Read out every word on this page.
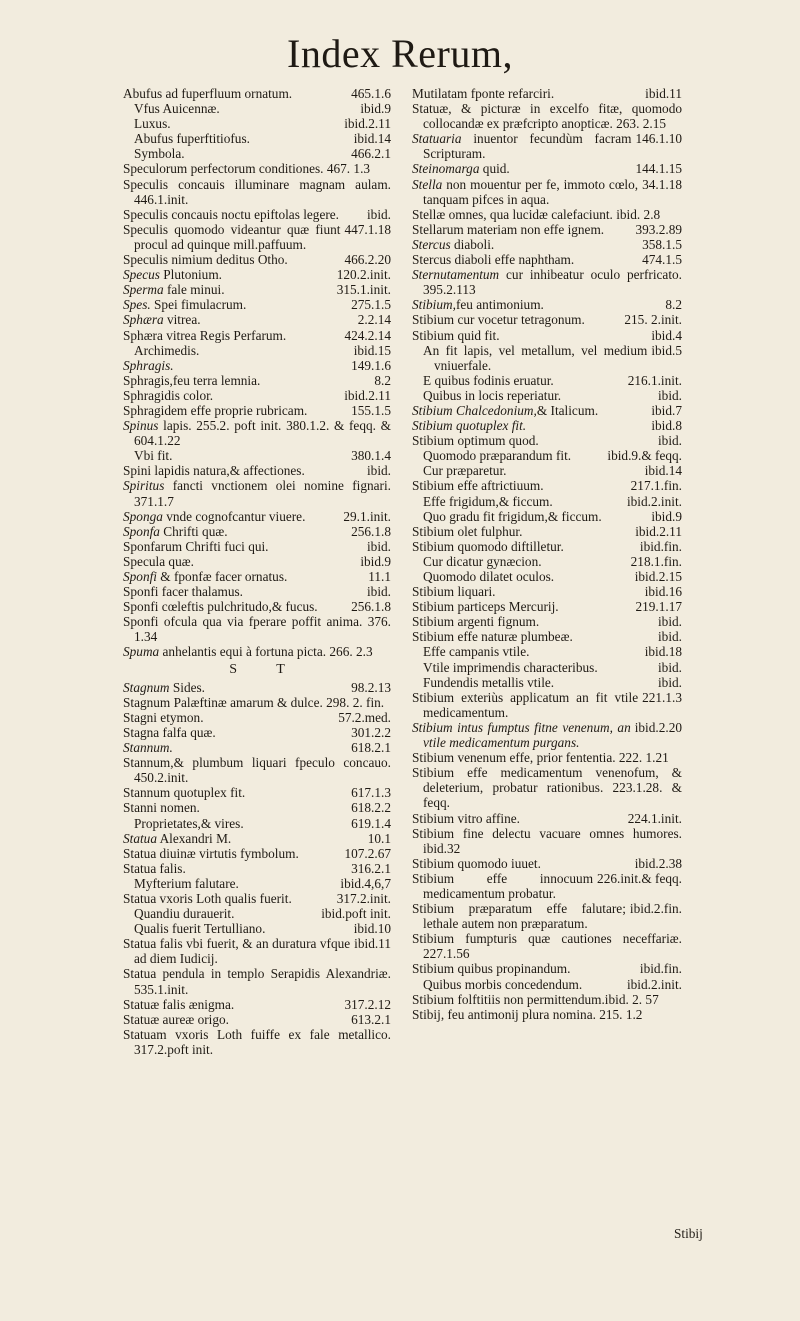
Index Rerum,

465.1.6
Abufus ad fuperfluum ornatum.

ibid.9
Vfus Auicennæ.

ibid.2.11
Luxus.

ibid.14
Abufus fuperftitiofus.

466.2.1
Symbola.

Speculorum perfectorum conditiones. 467. 1.3

Speculis concauis illuminare magnam aulam. 446.1.init.

ibid.
Speculis concauis noctu epiftolas legere.

447.1.18
Speculis quomodo videantur quæ fiunt procul ad quinque mill.paffuum.

466.2.20
Speculis nimium deditus Otho.

120.2.init.
Specus Plutonium.

315.1.init.
Sperma fale minui.

275.1.5
Spes. Spei fimulacrum.

2.2.14
Sphæra vitrea.

424.2.14
Sphæra vitrea Regis Perfarum.

ibid.15
Archimedis.

149.1.6
Sphragis.

8.2
Sphragis,feu terra lemnia.

ibid.2.11
Sphragidis color.

155.1.5
Sphragidem effe proprie rubricam.

Spinus lapis. 255.2. poft init. 380.1.2. & feqq. & 604.1.22

380.1.4
Vbi fit.

ibid.
Spini lapidis natura,& affectiones.

Spiritus fancti vnctionem olei nomine fignari. 371.1.7

29.1.init.
Sponga vnde cognofcantur viuere.

256.1.8
Sponfa Chrifti quæ.

ibid.
Sponfarum Chrifti fuci qui.

ibid.9
Specula quæ.

11.1
Sponfi & fponfæ facer ornatus.

ibid.
Sponfi facer thalamus.

256.1.8
Sponfi cœleftis pulchritudo,& fucus.

Sponfi ofcula qua via fperare poffit anima. 376. 1.34

Spuma anhelantis equi à fortuna picta. 266. 2.3

S T

98.2.13
Stagnum Sides.

Stagnum Palæftinæ amarum & dulce. 298. 2. fin.

57.2.med.
Stagni etymon.

301.2.2
Stagna falfa quæ.

618.2.1
Stannum.

Stannum,& plumbum liquari fpeculo concauo. 450.2.init.

617.1.3
Stannum quotuplex fit.

618.2.2
Stanni nomen.

619.1.4
Proprietates,& vires.

10.1
Statua Alexandri M.

107.2.67
Statua diuinæ virtutis fymbolum.

316.2.1
Statua falis.

ibid.4,6,7
Myfterium falutare.

317.2.init.
Statua vxoris Loth qualis fuerit.

ibid.poft init.
Quandiu durauerit.

ibid.10
Qualis fuerit Tertulliano.

ibid.11
Statua falis vbi fuerit, & an duratura vfque ad diem Iudicij.

Statua pendula in templo Serapidis Alexandriæ. 535.1.init.

317.2.12
Statuæ falis ænigma.

613.2.1
Statuæ aureæ origo.

Statuam vxoris Loth fuiffe ex fale metallico. 317.2.poft init.

ibid.11
Mutilatam fponte refarciri.

Statuæ, & picturæ in excelfo fitæ, quomodo collocandæ ex præfcripto anopticæ. 263. 2.15

146.1.10
Statuaria inuentor fecundùm facram Scripturam.

144.1.15
Steinomarga quid.

34.1.18
Stella non mouentur per fe, immoto cœlo, tanquam pifces in aqua.

Stellæ omnes, qua lucidæ calefaciunt. ibid. 2.8

393.2.89
Stellarum materiam non effe ignem.

358.1.5
Stercus diaboli.

474.1.5
Stercus diaboli effe naphtham.

Sternutamentum cur inhibeatur oculo perfricato. 395.2.113

8.2
Stibium,feu antimonium.

215. 2.init.
Stibium cur vocetur tetragonum.

ibid.4
Stibium quid fit.

ibid.5
An fit lapis, vel metallum, vel medium vniuerfale.

216.1.init.
E quibus fodinis eruatur.

ibid.
Quibus in locis reperiatur.

ibid.7
Stibium Chalcedonium,& Italicum.

ibid.8
Stibium quotuplex fit.

ibid.
Stibium optimum quod.

ibid.9.& feqq.
Quomodo præparandum fit.

ibid.14
Cur præparetur.

217.1.fin.
Stibium effe aftrictiuum.

ibid.2.init.
Effe frigidum,& ficcum.

ibid.9
Quo gradu fit frigidum,& ficcum.

ibid.2.11
Stibium olet fulphur.

ibid.fin.
Stibium quomodo diftilletur.

218.1.fin.
Cur dicatur gynæcion.

ibid.2.15
Quomodo dilatet oculos.

ibid.16
Stibium liquari.

219.1.17
Stibium particeps Mercurij.

ibid.
Stibium argenti fignum.

ibid.
Stibium effe naturæ plumbeæ.

ibid.18
Effe campanis vtile.

ibid.
Vtile imprimendis characteribus.

ibid.
Fundendis metallis vtile.

221.1.3
Stibium exteriùs applicatum an fit vtile medicamentum.

ibid.2.20
Stibium intus fumptus fitne venenum, an vtile medicamentum purgans.

Stibium venenum effe, prior fententia. 222. 1.21

Stibium effe medicamentum venenofum, & deleterium, probatur rationibus. 223.1.28. & feqq.

224.1.init.
Stibium vitro affine.

Stibium fine delectu vacuare omnes humores. ibid.32

ibid.2.38
Stibium quomodo iuuet.

226.init.& feqq.
Stibium effe innocuum medicamentum probatur.

ibid.2.fin.
Stibium præparatum effe falutare; lethale autem non præparatum.

Stibium fumpturis quæ cautiones neceffariæ. 227.1.56

ibid.fin.
Stibium quibus propinandum.

ibid.2.init.
Quibus morbis concedendum.

Stibium folftitiis non permittendum.ibid. 2. 57

Stibij, feu antimonij plura nomina. 215. 1.2

Stibij
